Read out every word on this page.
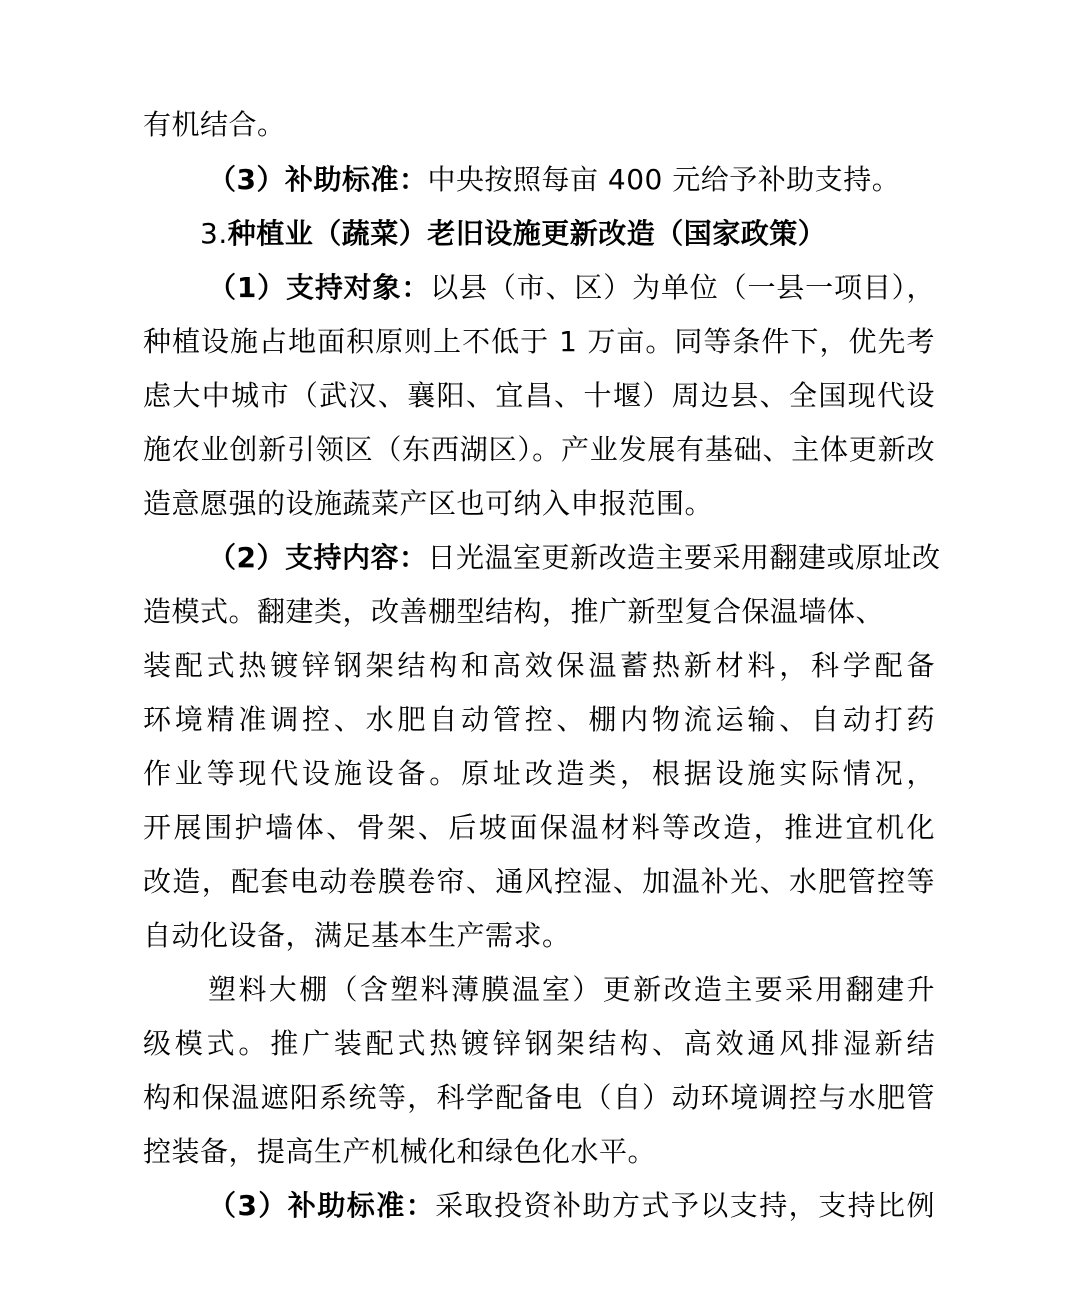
有机结合。
（3）补助标准：中央按照每亩 400 元给予补助支持。
3.种植业（蔬菜）老旧设施更新改造（国家政策）
（1）支持对象：以县（市、区）为单位（一县一项目），
种植设施占地面积原则上不低于 1 万亩。同等条件下，优先考
虑大中城市（武汉、襄阳、宜昌、十堰）周边县、全国现代设
施农业创新引领区（东西湖区）。产业发展有基础、主体更新改
造意愿强的设施蔬菜产区也可纳入申报范围。
（2）支持内容：日光温室更新改造主要采用翻建或原址改
造模式。翻建类，改善棚型结构，推广新型复合保温墙体、
装配式热镀锌钢架结构和高效保温蓄热新材料，科学配备
环境精准调控、水肥自动管控、棚内物流运输、自动打药
作业等现代设施设备。原址改造类，根据设施实际情况，
开展围护墙体、骨架、后坡面保温材料等改造，推进宜机化
改造，配套电动卷膜卷帘、通风控湿、加温补光、水肥管控等
自动化设备，满足基本生产需求。
塑料大棚（含塑料薄膜温室）更新改造主要采用翻建升
级模式。推广装配式热镀锌钢架结构、高效通风排湿新结
构和保温遮阳系统等，科学配备电（自）动环境调控与水肥管
控装备，提高生产机械化和绿色化水平。
（3）补助标准：采取投资补助方式予以支持，支持比例
